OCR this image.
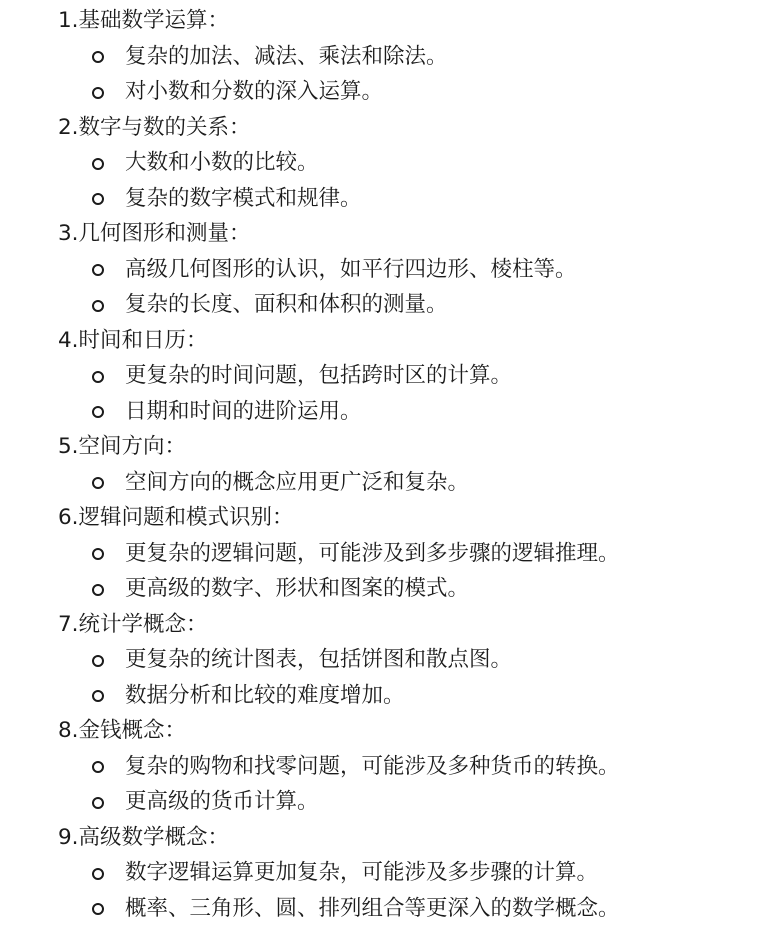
1.基础数学运算：
复杂的加法、减法、乘法和除法。
对小数和分数的深入运算。
2.数字与数的关系：
大数和小数的比较。
复杂的数字模式和规律。
3.几何图形和测量：
高级几何图形的认识，如平行四边形、棱柱等。
复杂的长度、面积和体积的测量。
4.时间和日历：
更复杂的时间问题，包括跨时区的计算。
日期和时间的进阶运用。
5.空间方向：
空间方向的概念应用更广泛和复杂。
6.逻辑问题和模式识别：
更复杂的逻辑问题，可能涉及到多步骤的逻辑推理。
更高级的数字、形状和图案的模式。
7.统计学概念：
更复杂的统计图表，包括饼图和散点图。
数据分析和比较的难度增加。
8.金钱概念：
复杂的购物和找零问题，可能涉及多种货币的转换。
更高级的货币计算。
9.高级数学概念：
数字逻辑运算更加复杂，可能涉及多步骤的计算。
概率、三角形、圆、排列组合等更深入的数学概念。
